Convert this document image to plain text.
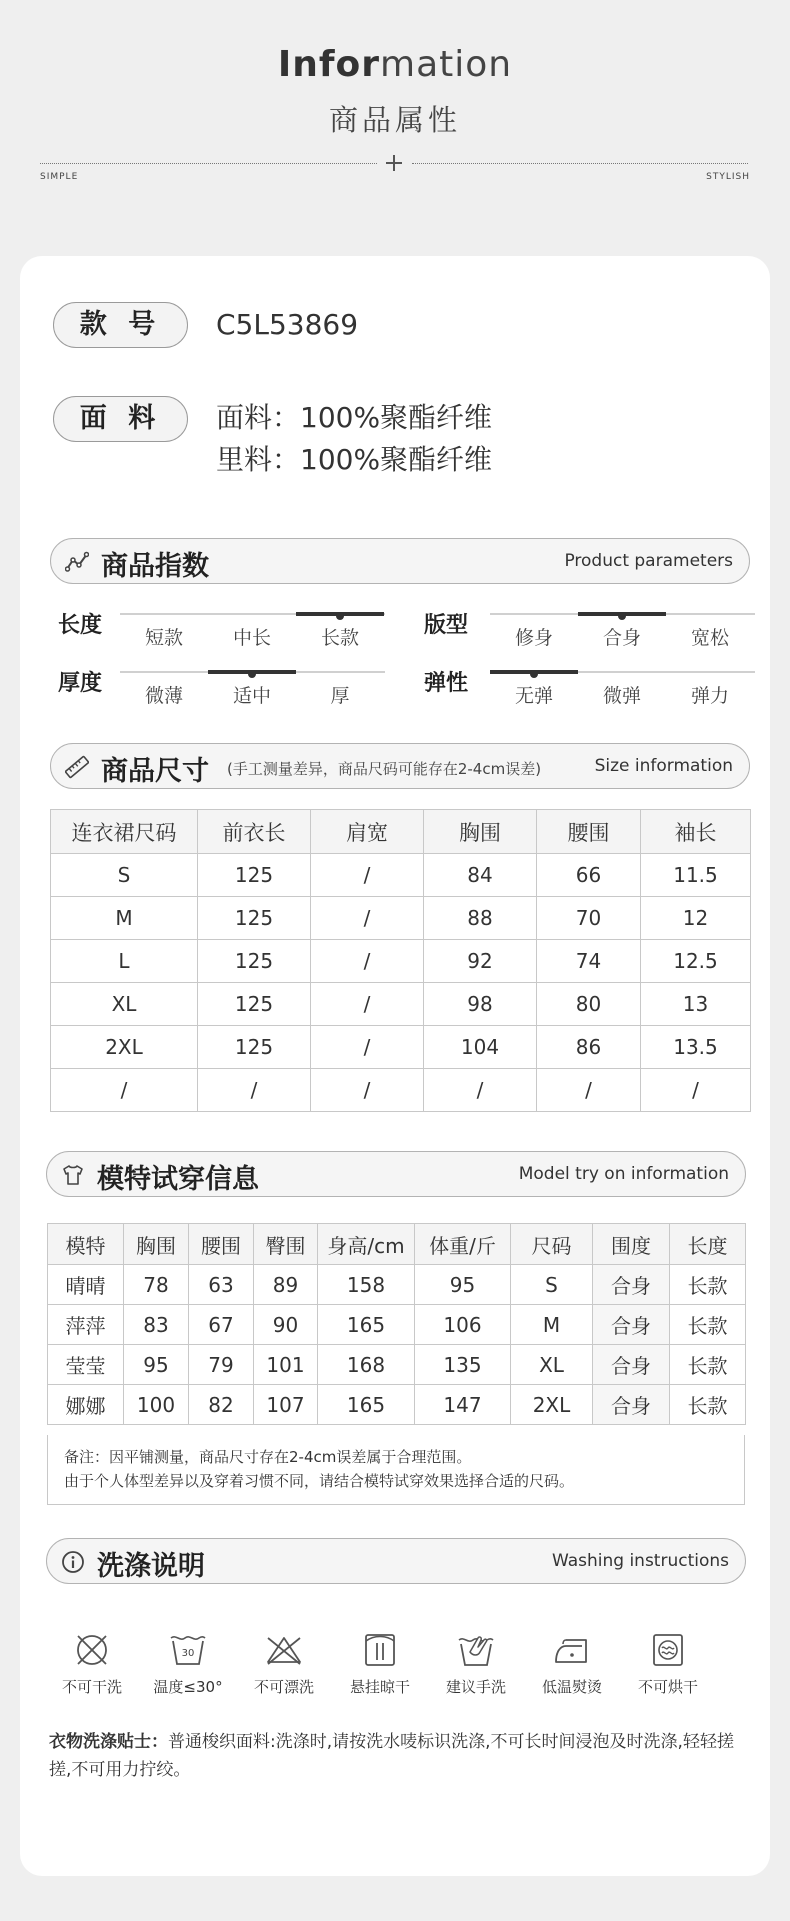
Information
商品属性
SIMPLE	STYLISH
款 号	C5L53869
面 料	面料：100%聚酯纤维
里料：100%聚酯纤维
商品指数	Product parameters
长度	短款	中长	长款	版型	修身	合身	宽松
厚度	微薄	适中	厚	弹性	无弹	微弹	弹力
商品尺寸 (手工测量差异，商品尺码可能存在2-4cm误差)	Size information
连衣裙尺码	前衣长	肩宽	胸围	腰围	袖长
S	125	/	84	66	11.5
M	125	/	88	70	12
L	125	/	92	74	12.5
XL	125	/	98	80	13
2XL	125	/	104	86	13.5
/	/	/	/	/	/
模特试穿信息	Model try on information
模特	胸围	腰围	臀围	身高/cm	体重/斤	尺码	围度	长度
晴晴	78	63	89	158	95	S	合身	长款
萍萍	83	67	90	165	106	M	合身	长款
莹莹	95	79	101	168	135	XL	合身	长款
娜娜	100	82	107	165	147	2XL	合身	长款
备注：因平铺测量，商品尺寸存在2-4cm误差属于合理范围。
由于个人体型差异以及穿着习惯不同，请结合模特试穿效果选择合适的尺码。
洗涤说明	Washing instructions
不可干洗
30
温度≤30°	不可漂洗	悬挂晾干	建议手洗	低温熨烫	不可烘干
衣物洗涤贴士：普通梭织面料:洗涤时,请按洗水唛标识洗涤,不可长时间浸泡及时洗涤,轻轻搓搓,不可用力拧绞。
